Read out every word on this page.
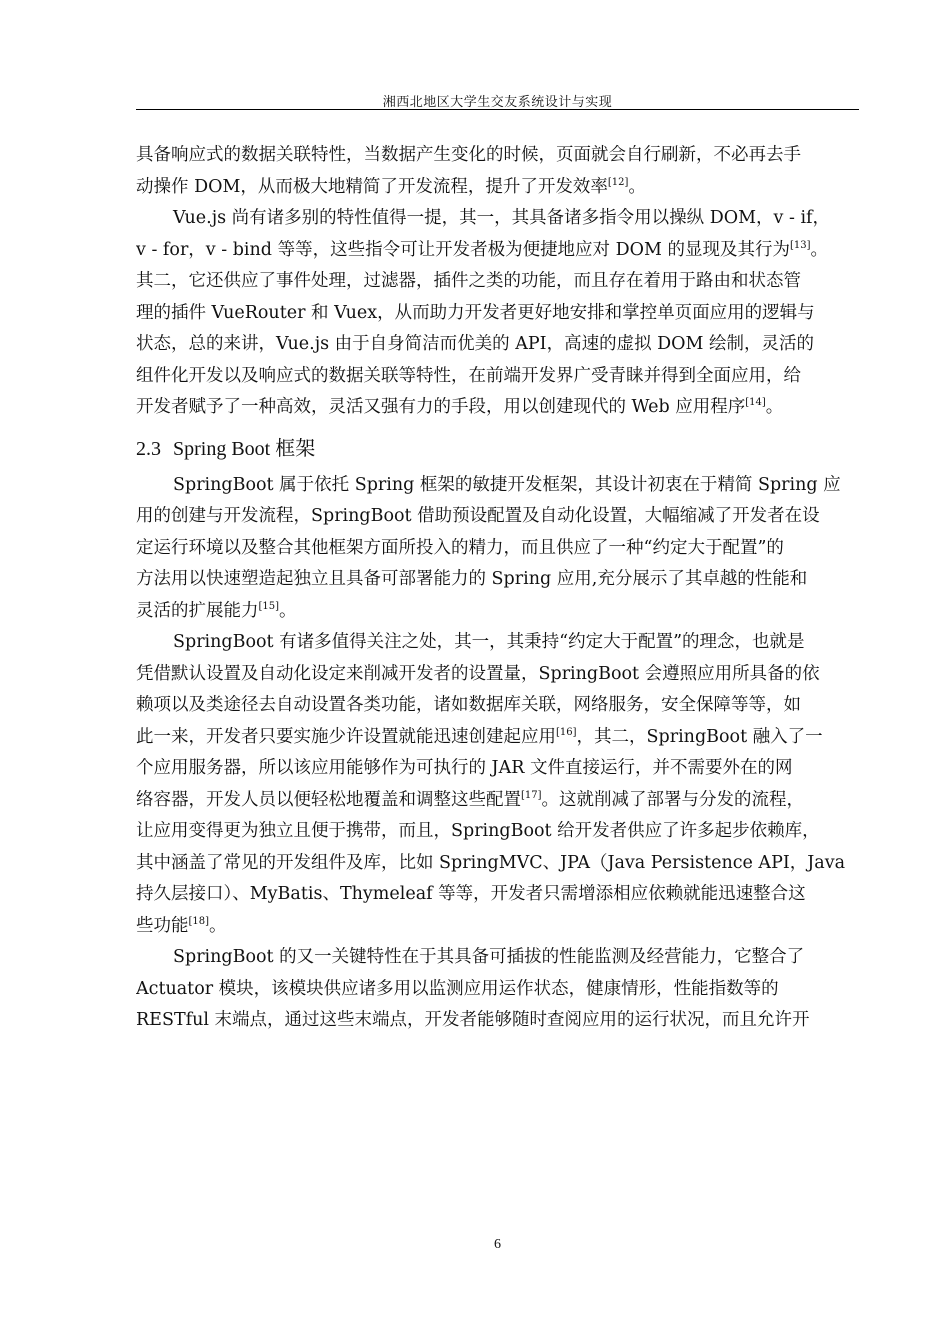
湘西北地区大学生交友系统设计与实现
具备响应式的数据关联特性，当数据产生变化的时候，页面就会自行刷新，不必再去手
动操作 DOM，从而极大地精简了开发流程，提升了开发效率[12]。
Vue.js 尚有诸多别的特性值得一提，其一，其具备诸多指令用以操纵 DOM，v - if，
v - for，v - bind 等等，这些指令可让开发者极为便捷地应对 DOM 的显现及其行为[13]。
其二，它还供应了事件处理，过滤器，插件之类的功能，而且存在着用于路由和状态管
理的插件 VueRouter 和 Vuex，从而助力开发者更好地安排和掌控单页面应用的逻辑与
状态，总的来讲，Vue.js 由于自身简洁而优美的 API，高速的虚拟 DOM 绘制，灵活的
组件化开发以及响应式的数据关联等特性，在前端开发界广受青睐并得到全面应用，给
开发者赋予了一种高效，灵活又强有力的手段，用以创建现代的 Web 应用程序[14]。
2.3 Spring Boot 框架
SpringBoot 属于依托 Spring 框架的敏捷开发框架，其设计初衷在于精简 Spring 应
用的创建与开发流程，SpringBoot 借助预设配置及自动化设置，大幅缩减了开发者在设
定运行环境以及整合其他框架方面所投入的精力，而且供应了一种“约定大于配置”的
方法用以快速塑造起独立且具备可部署能力的 Spring 应用,充分展示了其卓越的性能和
灵活的扩展能力[15]。
SpringBoot 有诸多值得关注之处，其一，其秉持“约定大于配置”的理念，也就是
凭借默认设置及自动化设定来削减开发者的设置量，SpringBoot 会遵照应用所具备的依
赖项以及类途径去自动设置各类功能，诸如数据库关联，网络服务，安全保障等等，如
此一来，开发者只要实施少许设置就能迅速创建起应用[16]，其二，SpringBoot 融入了一
个应用服务器，所以该应用能够作为可执行的 JAR 文件直接运行，并不需要外在的网
络容器，开发人员以便轻松地覆盖和调整这些配置[17]。这就削减了部署与分发的流程，
让应用变得更为独立且便于携带，而且，SpringBoot 给开发者供应了许多起步依赖库，
其中涵盖了常见的开发组件及库，比如 SpringMVC、JPA（Java Persistence API，Java
持久层接口）、MyBatis、Thymeleaf 等等，开发者只需增添相应依赖就能迅速整合这
些功能[18]。
SpringBoot 的又一关键特性在于其具备可插拔的性能监测及经营能力，它整合了
Actuator 模块，该模块供应诸多用以监测应用运作状态，健康情形，性能指数等的
RESTful 末端点，通过这些末端点，开发者能够随时查阅应用的运行状况，而且允许开
6
